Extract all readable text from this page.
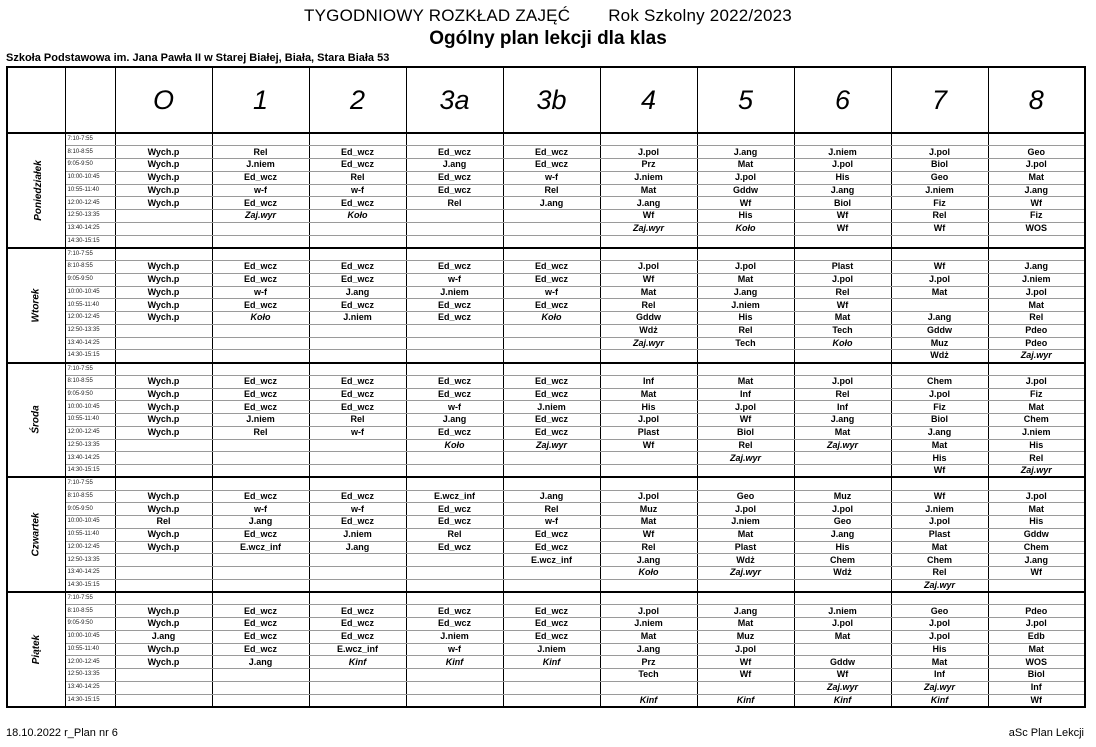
TYGODNIOWY ROZKŁAD ZAJĘĆ Rok Szkolny 2022/2023
Ogólny plan lekcji dla klas
Szkoła Podstawowa im. Jana Pawła II w Starej Białej, Biała, Stara Biała 53
		O	1	2	3a	3b	4	5	6	7	8
Poniedziałek	7:10-7:55										
	8:10-8:55	Wych.p	Rel	Ed_wcz	Ed_wcz	Ed_wcz	J.pol	J.ang	J.niem	J.pol	Geo
	9:05-9:50	Wych.p	J.niem	Ed_wcz	J.ang	Ed_wcz	Prz	Mat	J.pol	Biol	J.pol
	10:00-10:45	Wych.p	Ed_wcz	Rel	Ed_wcz	w-f	J.niem	J.pol	His	Geo	Mat
	10:55-11:40	Wych.p	w-f	w-f	Ed_wcz	Rel	Mat	Gddw	J.ang	J.niem	J.ang
	12:00-12:45	Wych.p	Ed_wcz	Ed_wcz	Rel	J.ang	J.ang	Wf	Biol	Fiz	Wf
	12:50-13:35		Zaj.wyr	Koło			Wf	His	Wf	Rel	Fiz
	13:40-14:25						Zaj.wyr	Koło	Wf	Wf	WOS
	14:30-15:15										
Wtorek	7:10-7:55										
	8:10-8:55	Wych.p	Ed_wcz	Ed_wcz	Ed_wcz	Ed_wcz	J.pol	J.pol	Plast	Wf	J.ang
	9:05-9:50	Wych.p	Ed_wcz	Ed_wcz	w-f	Ed_wcz	Wf	Mat	J.pol	J.pol	J.niem
	10:00-10:45	Wych.p	w-f	J.ang	J.niem	w-f	Mat	J.ang	Rel	Mat	J.pol
	10:55-11:40	Wych.p	Ed_wcz	Ed_wcz	Ed_wcz	Ed_wcz	Rel	J.niem	Wf		Mat
	12:00-12:45	Wych.p	Koło	J.niem	Ed_wcz	Koło	Gddw	His	Mat	J.ang	Rel
	12:50-13:35						Wdż	Rel	Tech	Gddw	Pdeo
	13:40-14:25						Zaj.wyr	Tech	Koło	Muz	Pdeo
	14:30-15:15									Wdż	Zaj.wyr
Środa	7:10-7:55										
	8:10-8:55	Wych.p	Ed_wcz	Ed_wcz	Ed_wcz	Ed_wcz	Inf	Mat	J.pol	Chem	J.pol
	9:05-9:50	Wych.p	Ed_wcz	Ed_wcz	Ed_wcz	Ed_wcz	Mat	Inf	Rel	J.pol	Fiz
	10:00-10:45	Wych.p	Ed_wcz	Ed_wcz	w-f	J.niem	His	J.pol	Inf	Fiz	Mat
	10:55-11:40	Wych.p	J.niem	Rel	J.ang	Ed_wcz	J.pol	Wf	J.ang	Biol	Chem
	12:00-12:45	Wych.p	Rel	w-f	Ed_wcz	Ed_wcz	Plast	Biol	Mat	J.ang	J.niem
	12:50-13:35				Koło	Zaj.wyr	Wf	Rel	Zaj.wyr	Mat	His
	13:40-14:25							Zaj.wyr		His	Rel
	14:30-15:15									Wf	Zaj.wyr
Czwartek	7:10-7:55										
	8:10-8:55	Wych.p	Ed_wcz	Ed_wcz	E.wcz_inf	J.ang	J.pol	Geo	Muz	Wf	J.pol
	9:05-9:50	Wych.p	w-f	w-f	Ed_wcz	Rel	Muz	J.pol	J.pol	J.niem	Mat
	10:00-10:45	Rel	J.ang	Ed_wcz	Ed_wcz	w-f	Mat	J.niem	Geo	J.pol	His
	10:55-11:40	Wych.p	Ed_wcz	J.niem	Rel	Ed_wcz	Wf	Mat	J.ang	Plast	Gddw
	12:00-12:45	Wych.p	E.wcz_inf	J.ang	Ed_wcz	Ed_wcz	Rel	Plast	His	Mat	Chem
	12:50-13:35					E.wcz_inf	J.ang	Wdż	Chem	Chem	J.ang
	13:40-14:25						Koło	Zaj.wyr	Wdż	Rel	Wf
	14:30-15:15									Zaj.wyr	
Piątek	7:10-7:55										
	8:10-8:55	Wych.p	Ed_wcz	Ed_wcz	Ed_wcz	Ed_wcz	J.pol	J.ang	J.niem	Geo	Pdeo
	9:05-9:50	Wych.p	Ed_wcz	Ed_wcz	Ed_wcz	Ed_wcz	J.niem	Mat	J.pol	J.pol	J.pol
	10:00-10:45	J.ang	Ed_wcz	Ed_wcz	J.niem	Ed_wcz	Mat	Muz	Mat	J.pol	Edb
	10:55-11:40	Wych.p	Ed_wcz	E.wcz_inf	w-f	J.niem	J.ang	J.pol		His	Mat
	12:00-12:45	Wych.p	J.ang	Kinf	Kinf	Kinf	Prz	Wf	Gddw	Mat	WOS
	12:50-13:35						Tech	Wf	Wf	Inf	Biol
	13:40-14:25								Zaj.wyr	Zaj.wyr	Inf
	14:30-15:15						Kinf	Kinf	Kinf	Kinf	Wf
18.10.2022 r_Plan nr 6	aSc Plan Lekcji
